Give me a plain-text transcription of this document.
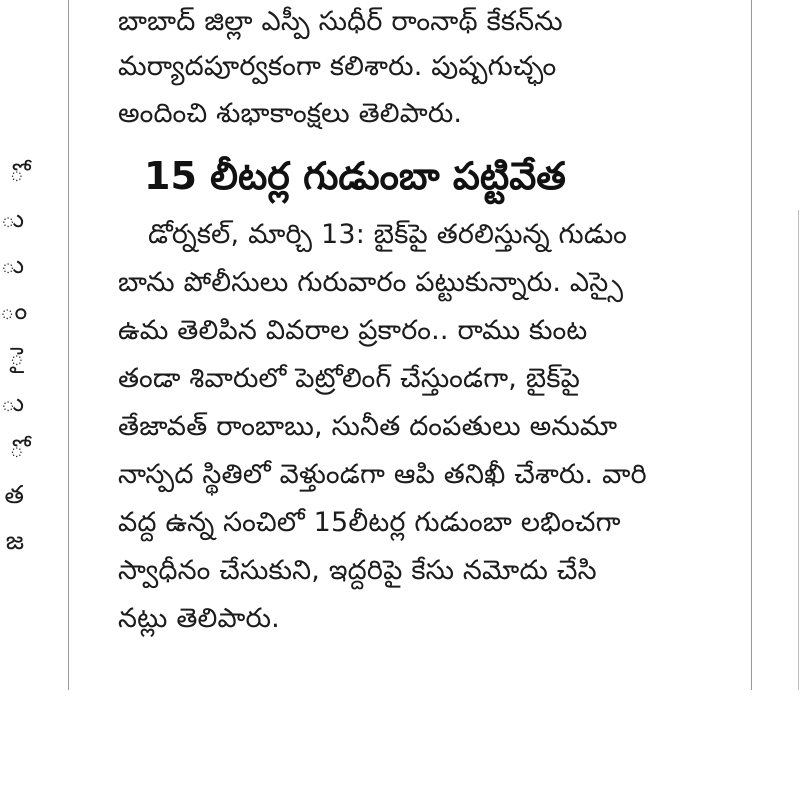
ో
ు
ు
ం
ై
ు
ో
త
జ
బాబాద్ జిల్లా ఎస్పీ సుధీర్ రాంనాథ్ కేకన్‌ను
మర్యాదపూర్వకంగా కలిశారు. పుష్పగుచ్ఛం
అందించి శుభాకాంక్షలు తెలిపారు.
15 లీటర్ల గుడుంబా పట్టివేత
డోర్నకల్, మార్చి 13: బైక్‌పై తరలిస్తున్న గుడుం
బాను పోలీసులు గురువారం పట్టుకున్నారు. ఎస్సై
ఉమ తెలిపిన వివరాల ప్రకారం.. రాము కుంట
తండా శివారులో పెట్రోలింగ్ చేస్తుండగా, బైక్‌పై
తేజావత్ రాంబాబు, సునీత దంపతులు అనుమా
నాస్పద స్థితిలో వెళ్తుండగా ఆపి తనిఖీ చేశారు. వారి
వద్ద ఉన్న సంచిలో 15లీటర్ల గుడుంబా లభించగా
స్వాధీనం చేసుకుని, ఇద్దరిపై కేసు నమోదు చేసి
నట్లు తెలిపారు.
